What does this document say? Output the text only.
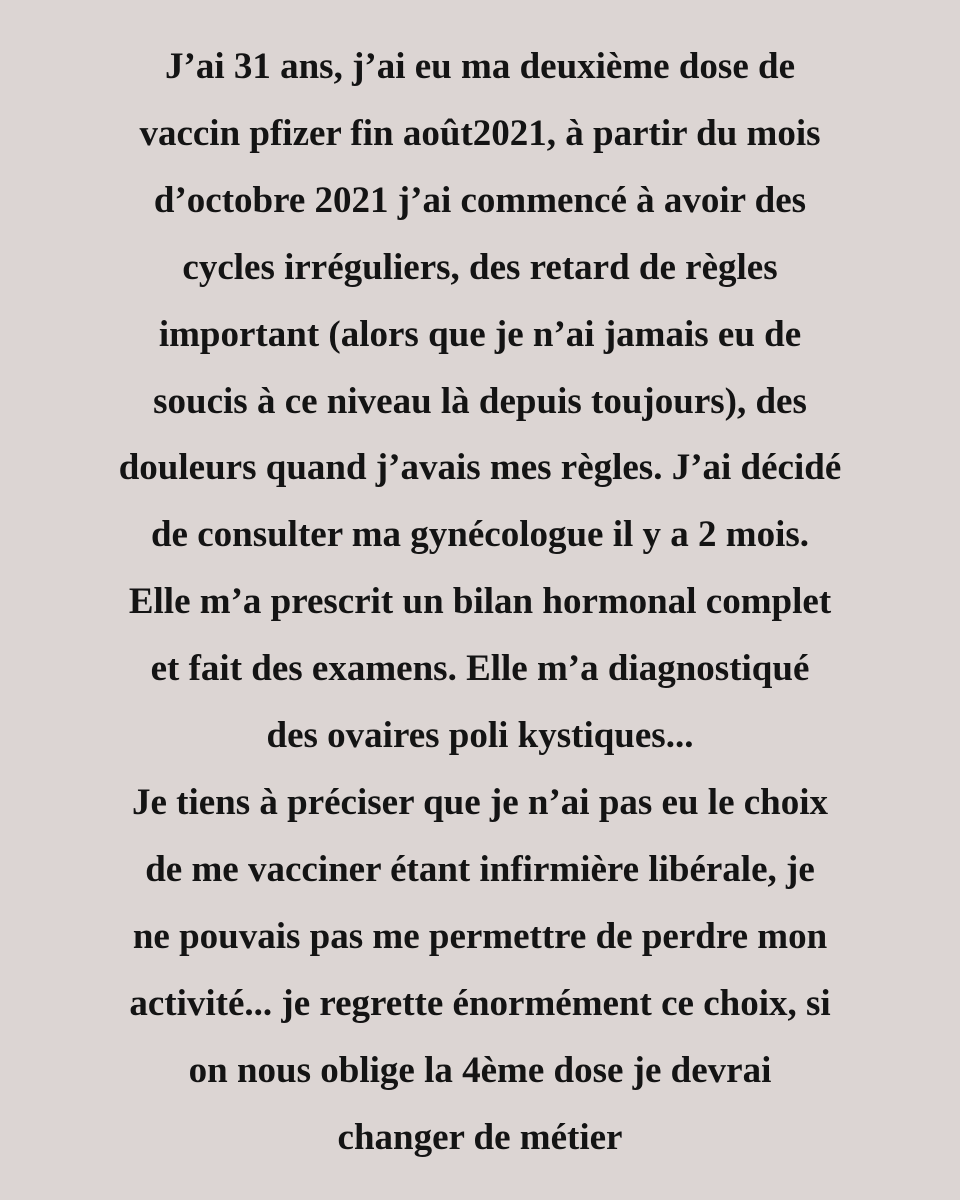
J’ai 31 ans, j’ai eu ma deuxième dose de
vaccin pfizer fin août2021, à partir du mois
d’octobre 2021 j’ai commencé à avoir des
cycles irréguliers, des retard de règles
important (alors que je n’ai jamais eu de
soucis à ce niveau là depuis toujours), des
douleurs quand j’avais mes règles. J’ai décidé
de consulter ma gynécologue il y a 2 mois.
Elle m’a prescrit un bilan hormonal complet
et fait des examens. Elle m’a diagnostiqué
des ovaires poli kystiques...
Je tiens à préciser que je n’ai pas eu le choix
de me vacciner étant infirmière libérale, je
ne pouvais pas me permettre de perdre mon
activité... je regrette énormément ce choix, si
on nous oblige la 4ème dose je devrai
changer de métier
